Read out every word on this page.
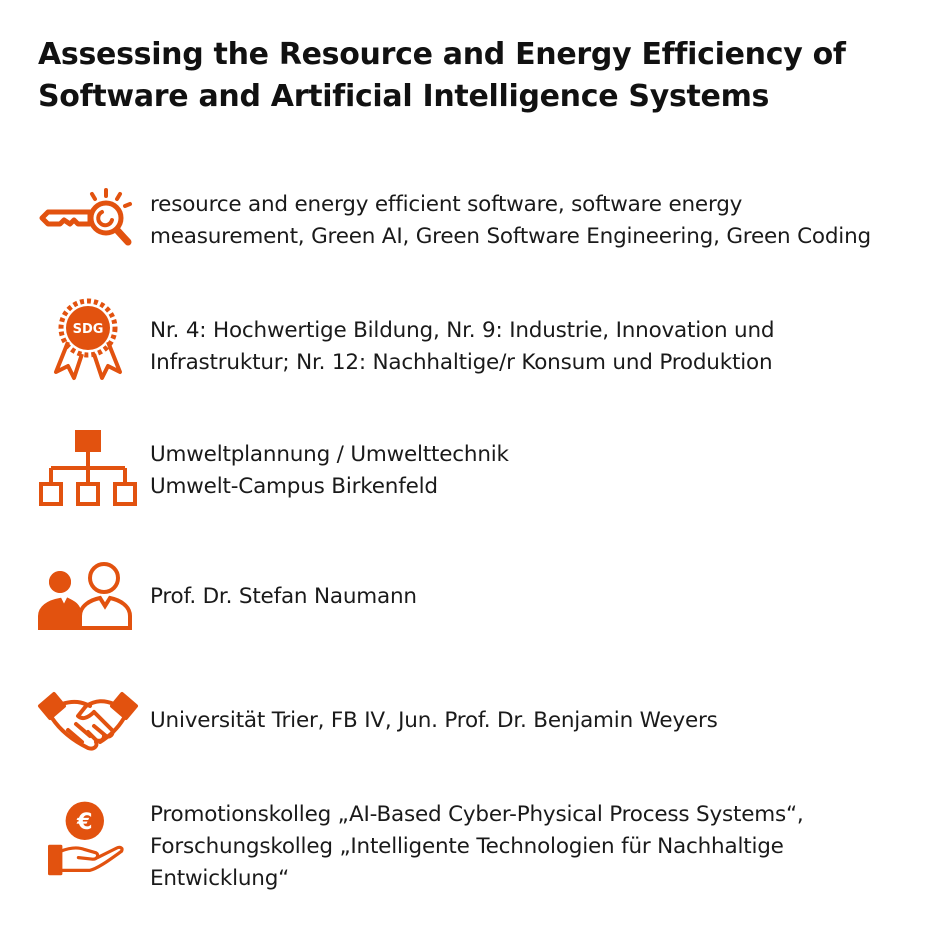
Assessing the Resource and Energy Efficiency of
Software and Artificial Intelligence Systems
resource and energy efficient software, software energy
measurement, Green AI, Green Software Engineering, Green Coding
SDG Nr. 4: Hochwertige Bildung, Nr. 9: Industrie, Innovation und
Infrastruktur; Nr. 12: Nachhaltige/r Konsum und Produktion
Umweltplannung / Umwelttechnik
Umwelt-Campus Birkenfeld
Prof. Dr. Stefan Naumann
Universität Trier, FB IV, Jun. Prof. Dr. Benjamin Weyers
€	Promotionskolleg „AI-Based Cyber-Physical Process Systems“,
Forschungskolleg „Intelligente Technologien für Nachhaltige
Entwicklung“
